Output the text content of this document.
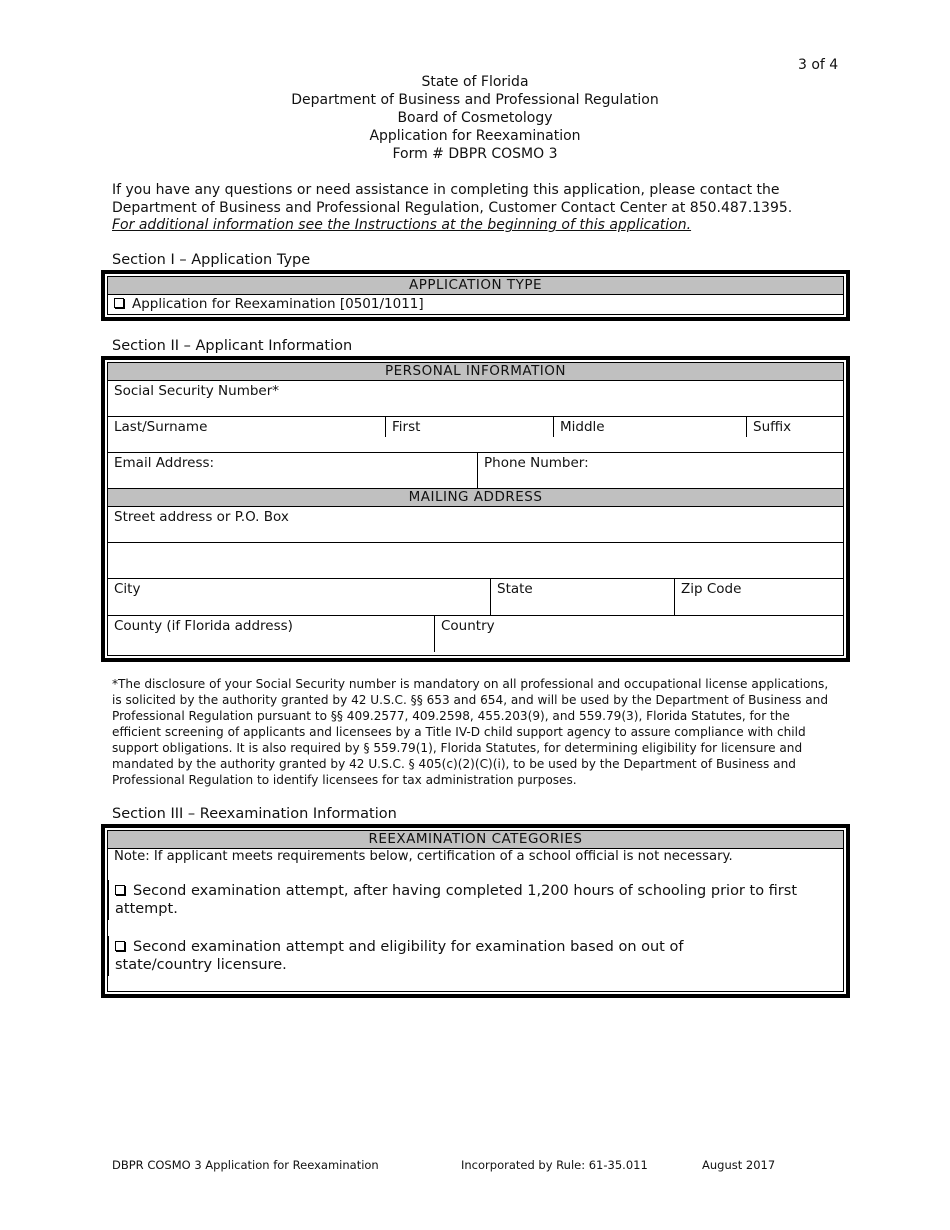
3 of 4
State of Florida
Department of Business and Professional Regulation
Board of Cosmetology
Application for Reexamination
Form # DBPR COSMO 3
If you have any questions or need assistance in completing this application, please contact the
Department of Business and Professional Regulation, Customer Contact Center at 850.487.1395.
For additional information see the Instructions at the beginning of this application.
Section I – Application Type
APPLICATION TYPE
Application for Reexamination [0501/1011]
Section II – Applicant Information
PERSONAL INFORMATION
Social Security Number*
Last/Surname	First	Middle	Suffix
Email Address:	Phone Number:
MAILING ADDRESS
Street address or P.O. Box
City	State	Zip Code
County (if Florida address)	Country
*The disclosure of your Social Security number is mandatory on all professional and occupational license applications, is solicited by the authority granted by 42 U.S.C. §§ 653 and 654, and will be used by the Department of Business and Professional Regulation pursuant to §§ 409.2577, 409.2598, 455.203(9), and 559.79(3), Florida Statutes, for the efficient screening of applicants and licensees by a Title IV-D child support agency to assure compliance with child support obligations. It is also required by § 559.79(1), Florida Statutes, for determining eligibility for licensure and mandated by the authority granted by 42 U.S.C. § 405(c)(2)(C)(i), to be used by the Department of Business and Professional Regulation to identify licensees for tax administration purposes.
Section III – Reexamination Information
REEXAMINATION CATEGORIES
Note: If applicant meets requirements below, certification of a school official is not necessary.
Second examination attempt, after having completed 1,200 hours of schooling prior to first attempt.
Second examination attempt and eligibility for examination based on out of state/country licensure.
DBPR COSMO 3 Application for Reexamination	Incorporated by Rule: 61-35.011	August 2017
